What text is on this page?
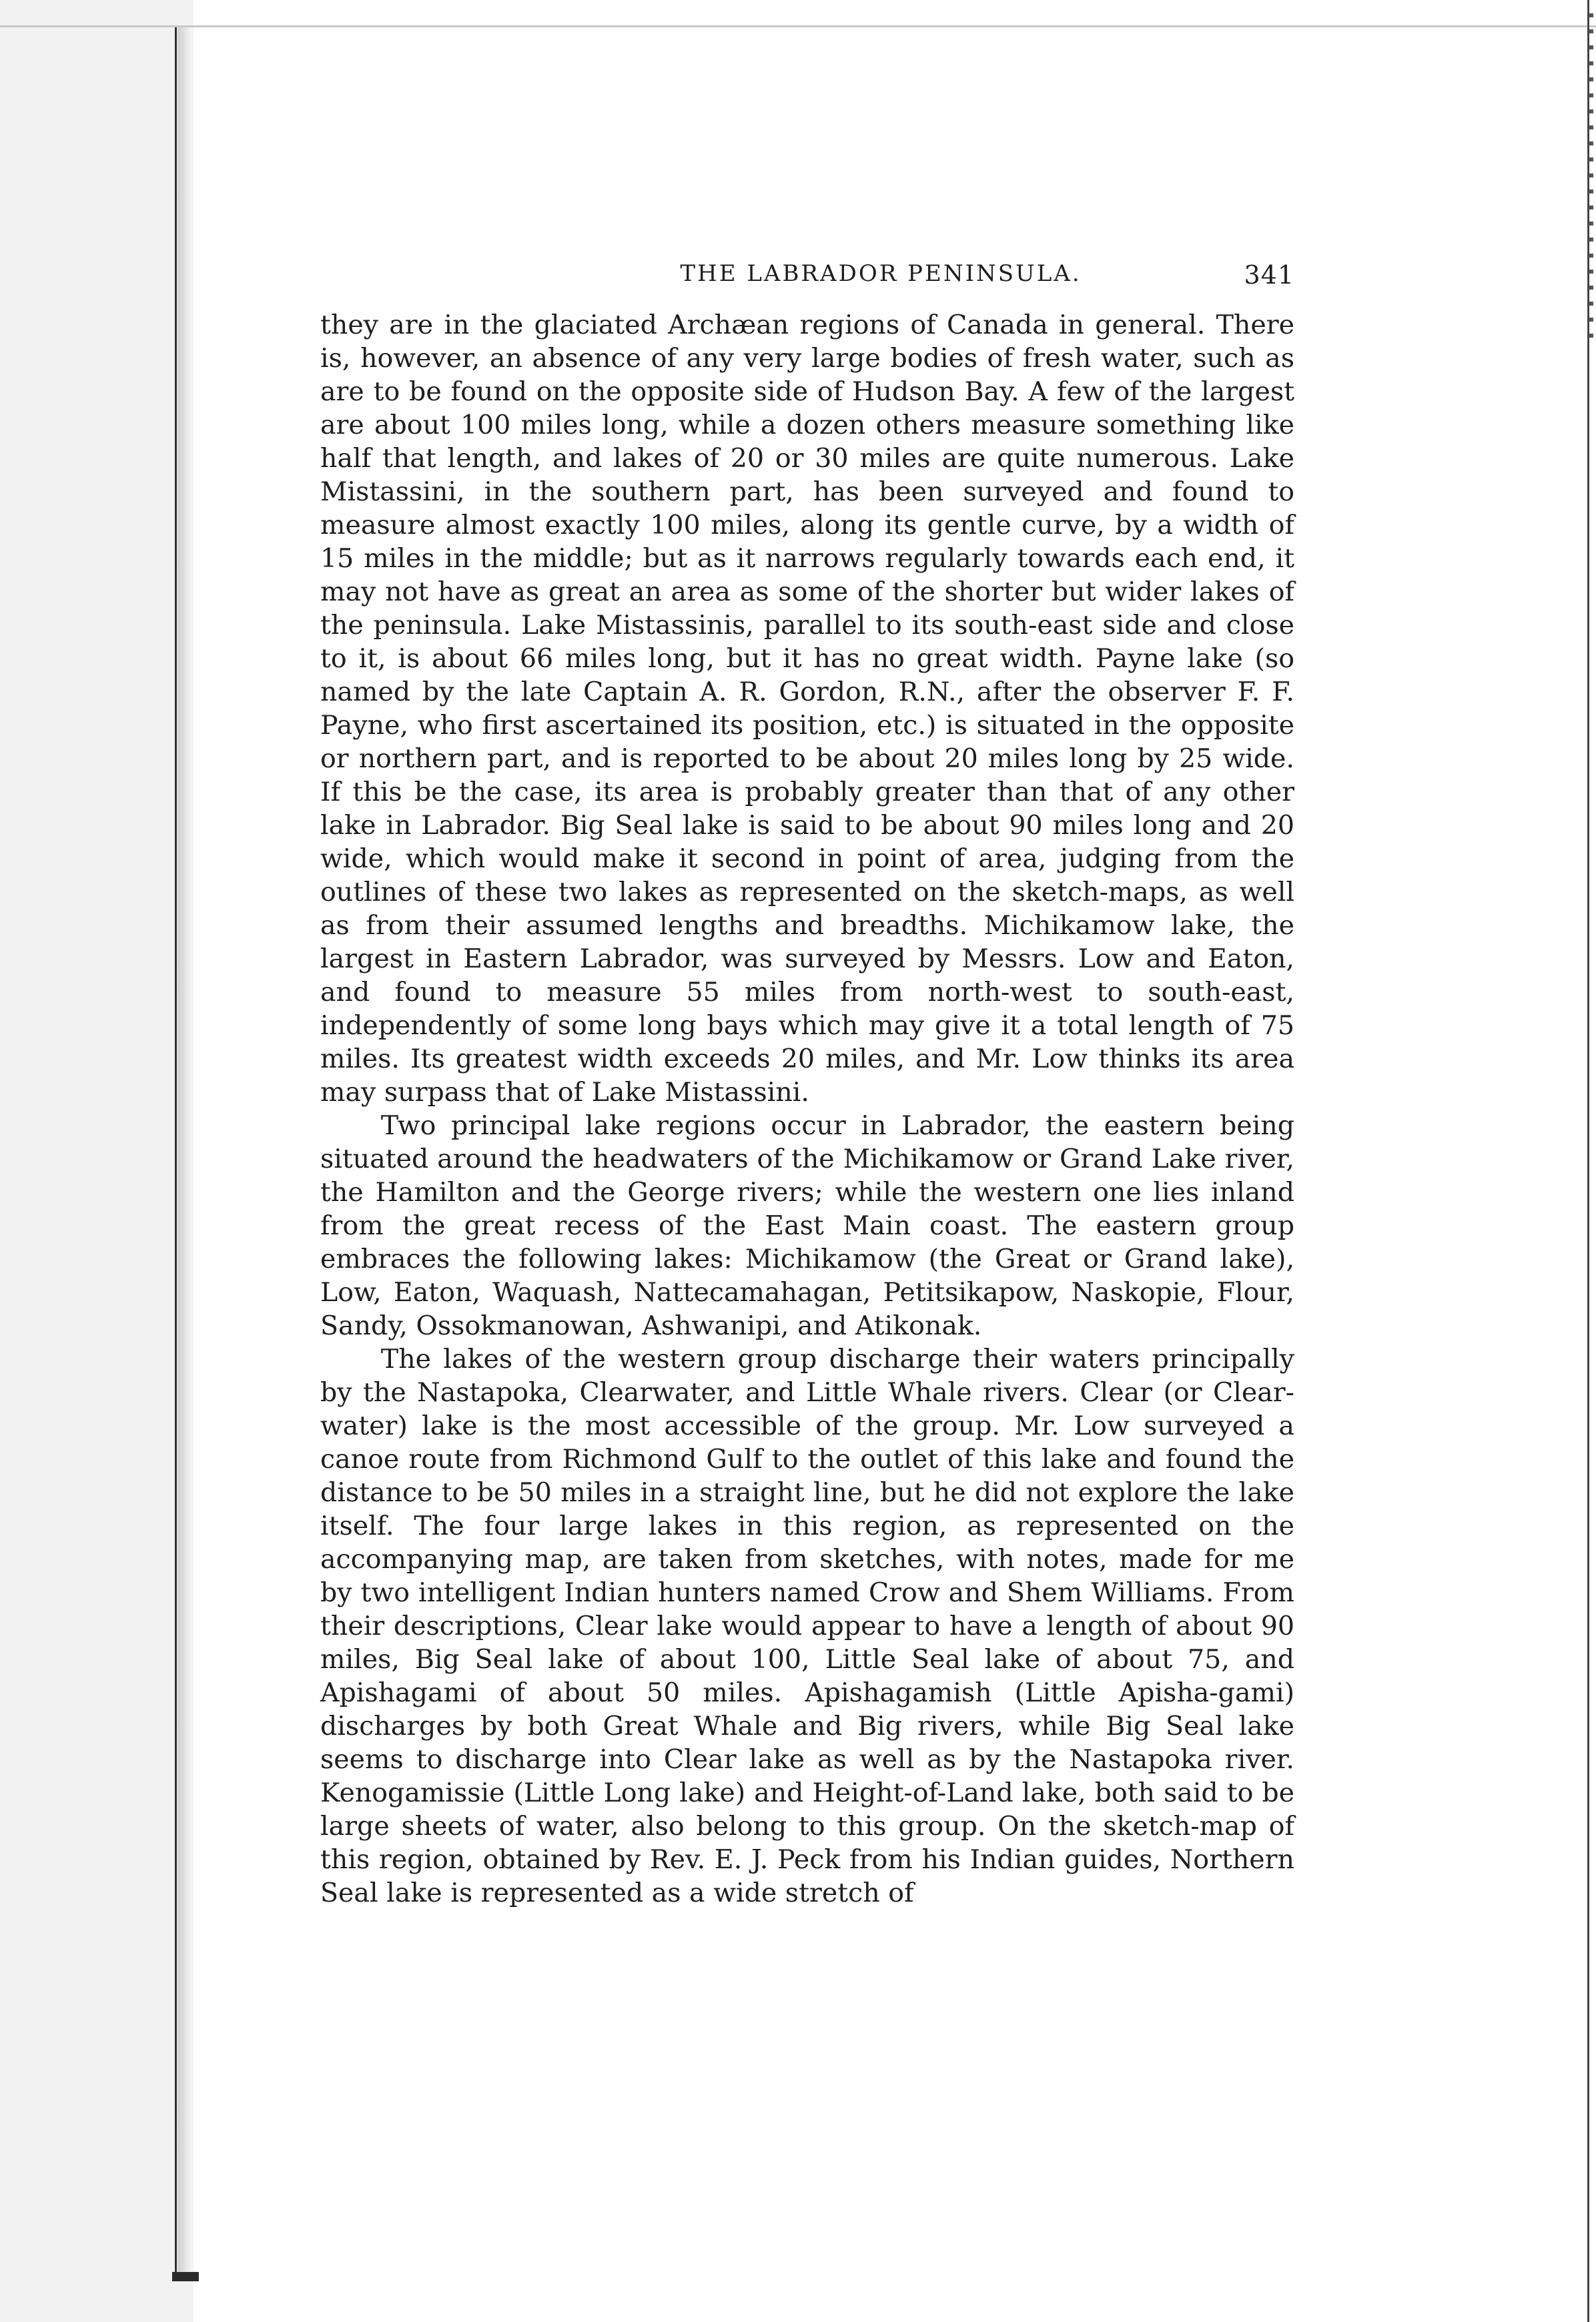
THE LABRADOR PENINSULA.	341

they are in the glaciated Archæan regions of Canada in general. There is, however, an absence of any very large bodies of fresh water, such as are to be found on the opposite side of Hudson Bay. A few of the largest are about 100 miles long, while a dozen others measure something like half that length, and lakes of 20 or 30 miles are quite numerous. Lake Mistassini, in the southern part, has been surveyed and found to measure almost exactly 100 miles, along its gentle curve, by a width of 15 miles in the middle; but as it narrows regularly towards each end, it may not have as great an area as some of the shorter but wider lakes of the peninsula. Lake Mistassinis, parallel to its south-east side and close to it, is about 66 miles long, but it has no great width. Payne lake (so named by the late Captain A. R. Gordon, R.N., after the observer F. F. Payne, who first ascertained its position, etc.) is situated in the opposite or northern part, and is reported to be about 20 miles long by 25 wide. If this be the case, its area is probably greater than that of any other lake in Labrador. Big Seal lake is said to be about 90 miles long and 20 wide, which would make it second in point of area, judging from the outlines of these two lakes as represented on the sketch-maps, as well as from their assumed lengths and breadths. Michikamow lake, the largest in Eastern Labrador, was surveyed by Messrs. Low and Eaton, and found to measure 55 miles from north-west to south-east, independently of some long bays which may give it a total length of 75 miles. Its greatest width exceeds 20 miles, and Mr. Low thinks its area may surpass that of Lake Mistassini.

Two principal lake regions occur in Labrador, the eastern being situated around the headwaters of the Michikamow or Grand Lake river, the Hamilton and the George rivers; while the western one lies inland from the great recess of the East Main coast. The eastern group embraces the following lakes: Michikamow (the Great or Grand lake), Low, Eaton, Waquash, Nattecamahagan, Petitsikapow, Naskopie, Flour, Sandy, Ossokmanowan, Ashwanipi, and Atikonak.

The lakes of the western group discharge their waters principally by the Nastapoka, Clearwater, and Little Whale rivers. Clear (or Clear-water) lake is the most accessible of the group. Mr. Low surveyed a canoe route from Richmond Gulf to the outlet of this lake and found the distance to be 50 miles in a straight line, but he did not explore the lake itself. The four large lakes in this region, as represented on the accompanying map, are taken from sketches, with notes, made for me by two intelligent Indian hunters named Crow and Shem Williams. From their descriptions, Clear lake would appear to have a length of about 90 miles, Big Seal lake of about 100, Little Seal lake of about 75, and Apishagami of about 50 miles. Apishagamish (Little Apisha-gami) discharges by both Great Whale and Big rivers, while Big Seal lake seems to discharge into Clear lake as well as by the Nastapoka river. Kenogamissie (Little Long lake) and Height-of-Land lake, both said to be large sheets of water, also belong to this group. On the sketch-map of this region, obtained by Rev. E. J. Peck from his Indian guides, Northern Seal lake is represented as a wide stretch of
